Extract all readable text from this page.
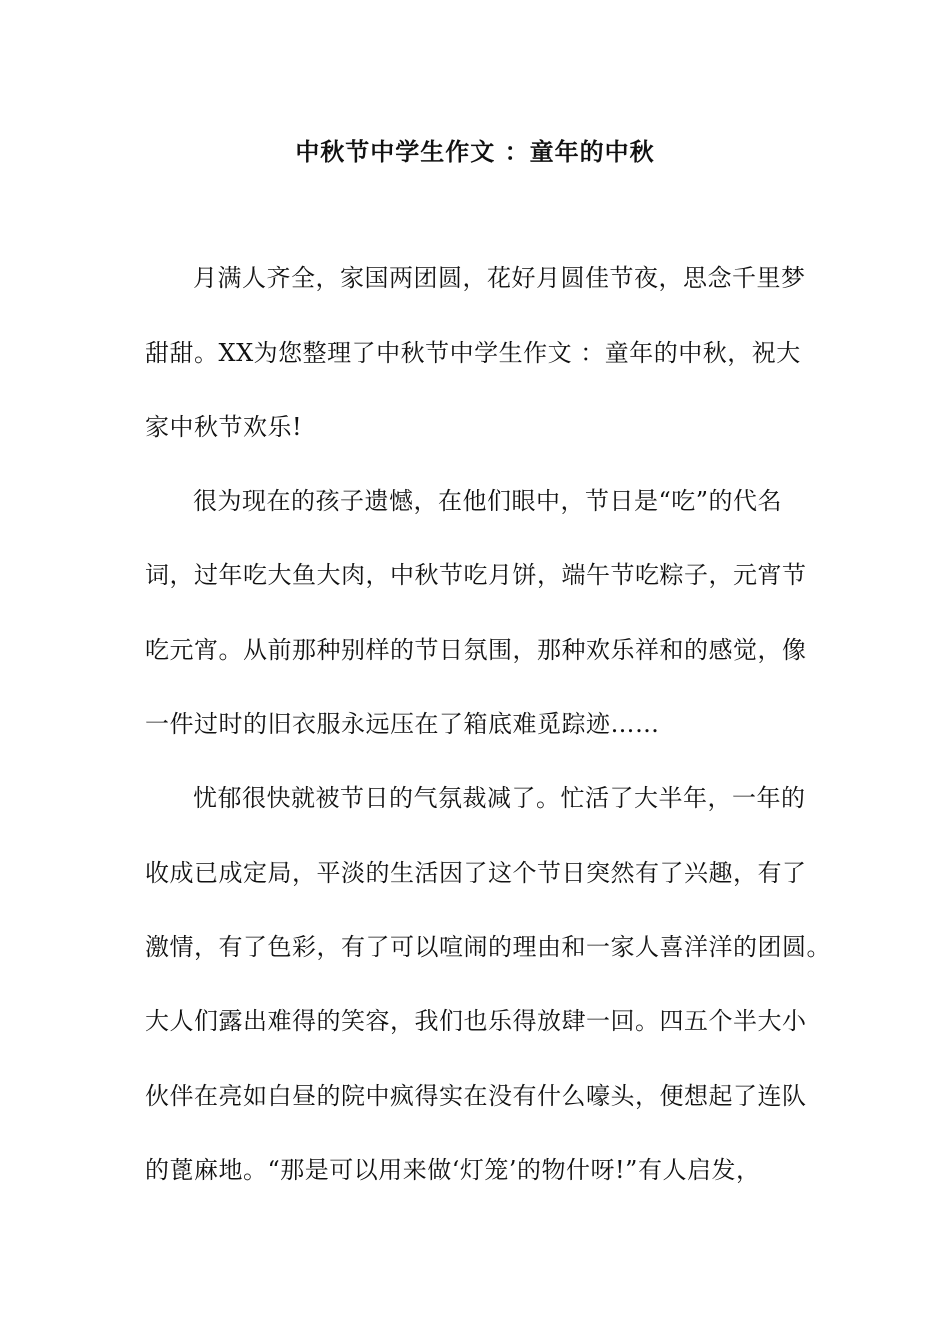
中秋节中学生作文 ：童年的中秋
月满人齐全，家国两团圆，花好月圆佳节夜，思念千里梦
甜甜。XX为您整理了中秋节中学生作文 ：童年的中秋，祝大
家中秋节欢乐!
很为现在的孩子遗憾，在他们眼中，节日是“吃”的代名
词，过年吃大鱼大肉，中秋节吃月饼，端午节吃粽子，元宵节
吃元宵。从前那种别样的节日氛围，那种欢乐祥和的感觉，像
一件过时的旧衣服永远压在了箱底难觅踪迹……
忧郁很快就被节日的气氛裁减了。忙活了大半年，一年的
收成已成定局，平淡的生活因了这个节日突然有了兴趣，有了
激情，有了色彩，有了可以喧闹的理由和一家人喜洋洋的团圆。
大人们露出难得的笑容，我们也乐得放肆一回。四五个半大小
伙伴在亮如白昼的院中疯得实在没有什么嚎头，便想起了连队
的蓖麻地。“那是可以用来做‘灯笼’的物什呀!”有人启发，
